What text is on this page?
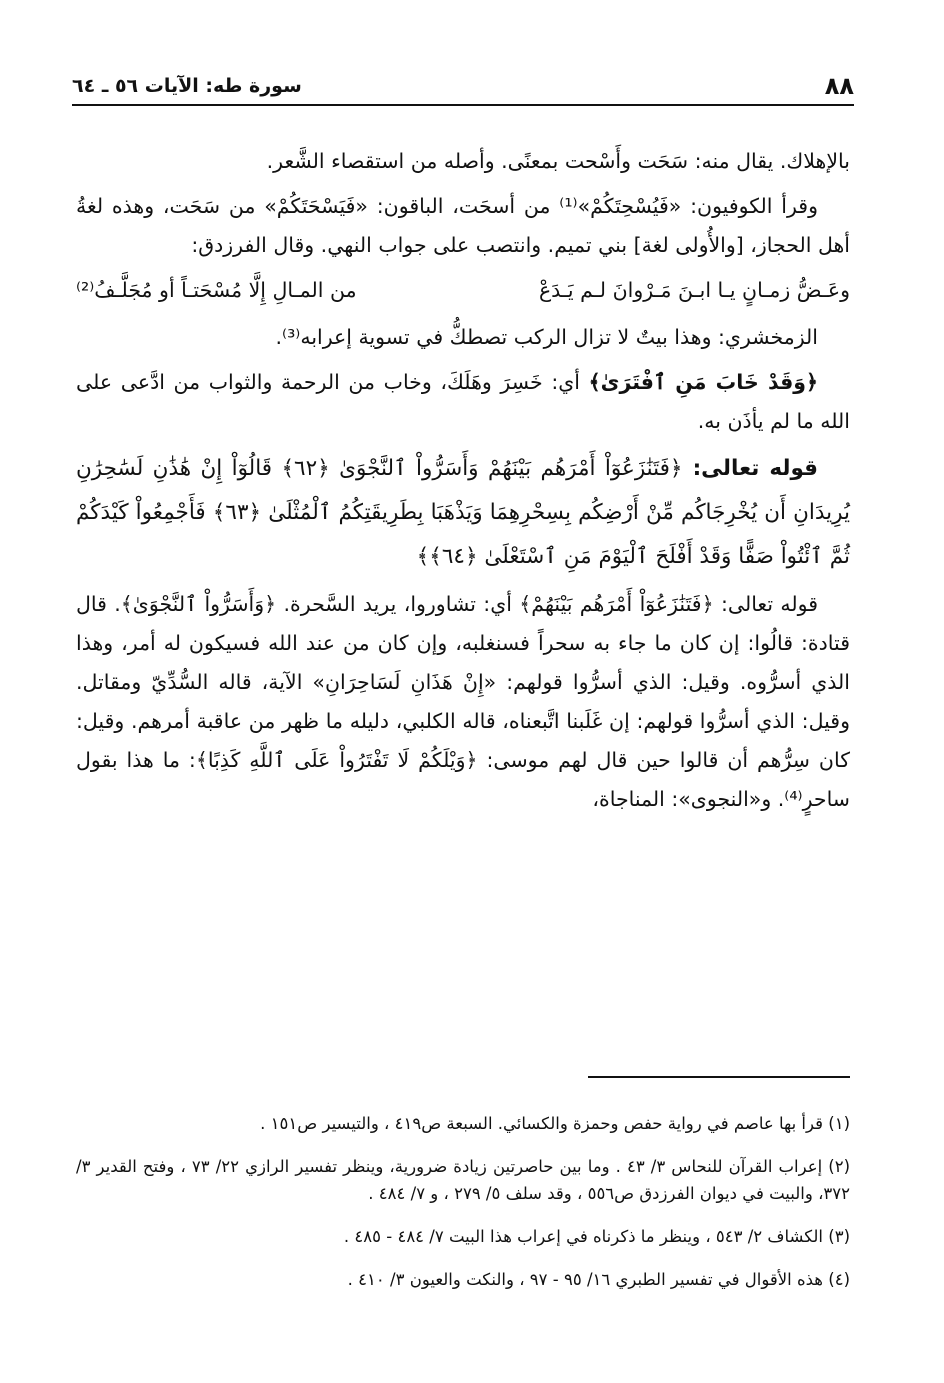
٨٨
سورة طه: الآيات ٥٦ ـ ٦٤

بالإهلاك. يقال منه: سَحَت وأَسْحت بمعنًى. وأصله من استقصاء الشَّعر.

وقرأ الكوفيون: «فَيُسْحِتَكُمْ»⁽¹⁾ من أسحَت، الباقون: «فَيَسْحَتَكُمْ» من سَحَت، وهذه لغةُ أهل الحجاز، [والأُولى لغة] بني تميم. وانتصب على جواب النهي. وقال الفرزدق:

وعَـضُّ زمـانٍ يـا ابـنَ مَـرْوانَ لـم يَـدَعْ
من المـالِ إِلَّا مُسْحَتـاً أو مُجَلَّـفُ⁽²⁾

الزمخشري: وهذا بيتٌ لا تزال الركب تصطكُّ في تسوية إعرابه⁽³⁾.

﴿وَقَدْ خَابَ مَنِ ٱفْتَرَىٰ﴾ أي: خَسِرَ وهَلَكَ، وخاب من الرحمة والثواب من ادَّعى على الله ما لم يأذَن به.

قوله تعالى: ﴿فَتَنَٰزَعُوٓاْ أَمْرَهُم بَيْنَهُمْ وَأَسَرُّواْ ٱلنَّجْوَىٰ ﴿٦٢﴾ قَالُوٓاْ إِنْ هَٰذَٰنِ لَسَٰحِرَٰنِ يُرِيدَانِ أَن يُخْرِجَاكُم مِّنْ أَرْضِكُم بِسِحْرِهِمَا وَيَذْهَبَا بِطَرِيقَتِكُمُ ٱلْمُثْلَىٰ ﴿٦٣﴾ فَأَجْمِعُواْ كَيْدَكُمْ ثُمَّ ٱئْتُواْ صَفًّا وَقَدْ أَفْلَحَ ٱلْيَوْمَ مَنِ ٱسْتَعْلَىٰ ﴿٦٤﴾﴾

قوله تعالى: ﴿فَتَنَٰزَعُوٓاْ أَمْرَهُم بَيْنَهُمْ﴾ أي: تشاوروا، يريد السَّحرة. ﴿وَأَسَرُّواْ ٱلنَّجْوَىٰ﴾. قال قتادة: قالُوا: إن كان ما جاء به سحراً فسنغلبه، وإن كان من عند الله فسيكون له أمر، وهذا الذي أسرُّوه. وقيل: الذي أسرُّوا قولهم: «إِنْ هَذَانِ لَسَاحِرَانِ» الآية، قاله السُّدِّيّ ومقاتل. وقيل: الذي أسرُّوا قولهم: إن غَلَبنا اتَّبعناه، قاله الكلبي، دليله ما ظهر من عاقبة أمرهم. وقيل: كان سِرُّهم أن قالوا حين قال لهم موسى: ﴿وَيْلَكُمْ لَا تَفْتَرُواْ عَلَى ٱللَّهِ كَذِبًا﴾: ما هذا بقول ساحرٍ⁽⁴⁾. و«النجوى»: المناجاة،

(١) قرأ بها عاصم في رواية حفص وحمزة والكسائي. السبعة ص٤١٩ ، والتيسير ص١٥١ .

(٢) إعراب القرآن للنحاس ٣/ ٤٣ . وما بين حاصرتين زيادة ضرورية، وينظر تفسير الرازي ٢٢/ ٧٣ ، وفتح القدير ٣/ ٣٧٢، والبيت في ديوان الفرزدق ص٥٥٦ ، وقد سلف ٥/ ٢٧٩ ، و ٧/ ٤٨٤ .

(٣) الكشاف ٢/ ٥٤٣ ، وينظر ما ذكرناه في إعراب هذا البيت ٧/ ٤٨٤ - ٤٨٥ .

(٤) هذه الأقوال في تفسير الطبري ١٦/ ٩٥ - ٩٧ ، والنكت والعيون ٣/ ٤١٠ .
